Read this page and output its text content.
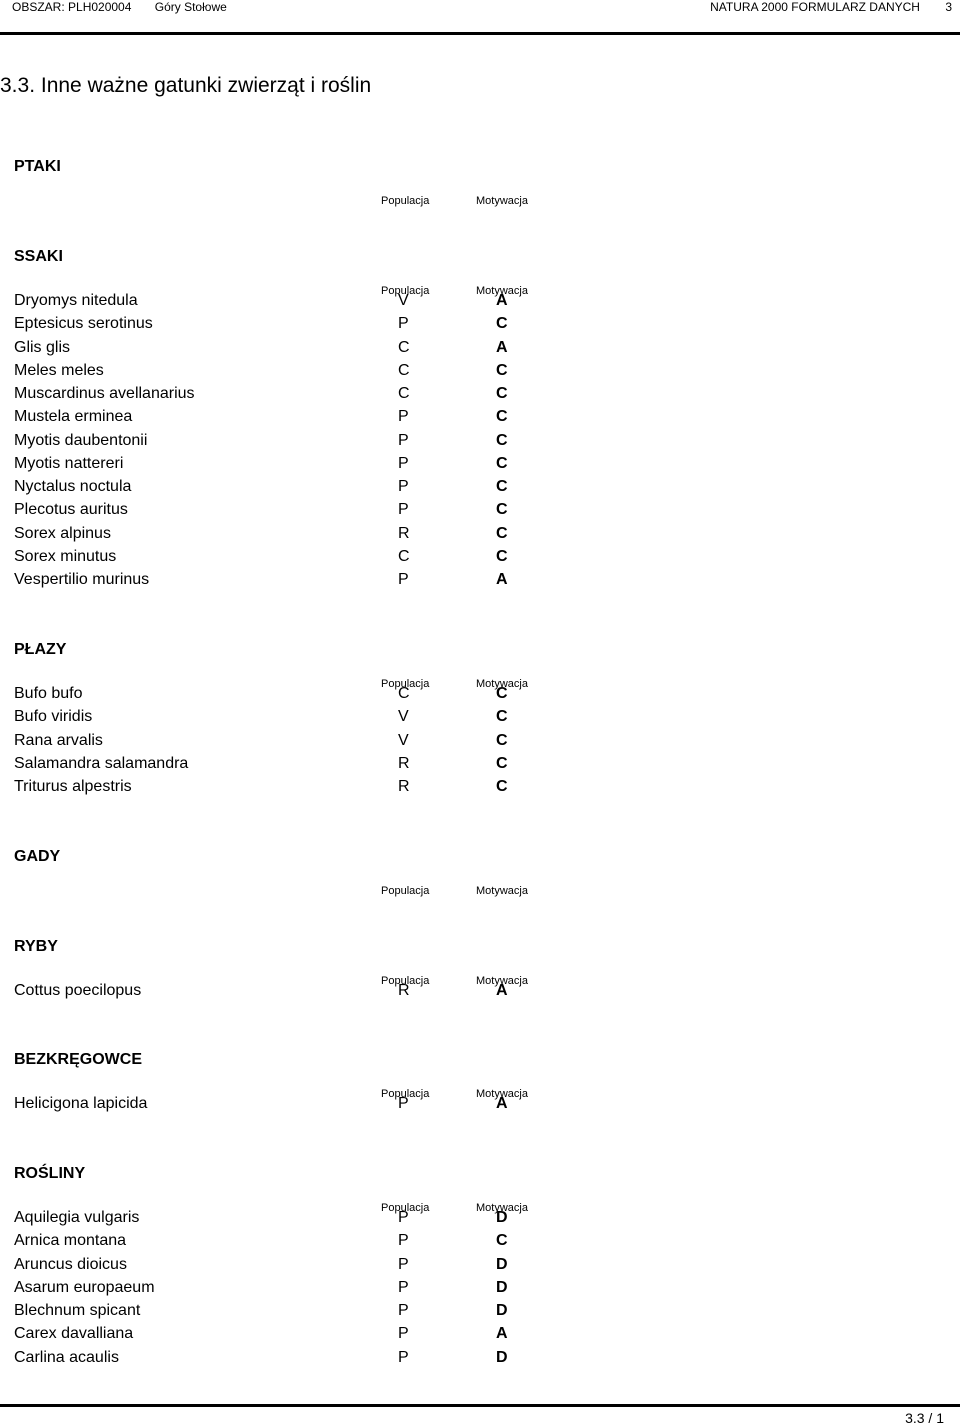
OBSZAR: PLH020004 Góry Stołowe	NATURA 2000 FORMULARZ DANYCH 3
3.3. Inne ważne gatunki zwierząt i roślin
PTAKI
Populacja	Motywacja
SSAKI
Populacja	Motywacja
Dryomys nitedula	V	A
Eptesicus serotinus	P	C
Glis glis	C	A
Meles meles	C	C
Muscardinus avellanarius	C	C
Mustela erminea	P	C
Myotis daubentonii	P	C
Myotis nattereri	P	C
Nyctalus noctula	P	C
Plecotus auritus	P	C
Sorex alpinus	R	C
Sorex minutus	C	C
Vespertilio murinus	P	A
PŁAZY
Populacja	Motywacja
Bufo bufo	C	C
Bufo viridis	V	C
Rana arvalis	V	C
Salamandra salamandra	R	C
Triturus alpestris	R	C
GADY
Populacja	Motywacja
RYBY
Populacja	Motywacja
Cottus poecilopus	R	A
BEZKRĘGOWCE
Populacja	Motywacja
Helicigona lapicida	P	A
ROŚLINY
Populacja	Motywacja
Aquilegia vulgaris	P	D
Arnica montana	P	C
Aruncus dioicus	P	D
Asarum europaeum	P	D
Blechnum spicant	P	D
Carex davalliana	P	A
Carlina acaulis	P	D
3.3 / 1
